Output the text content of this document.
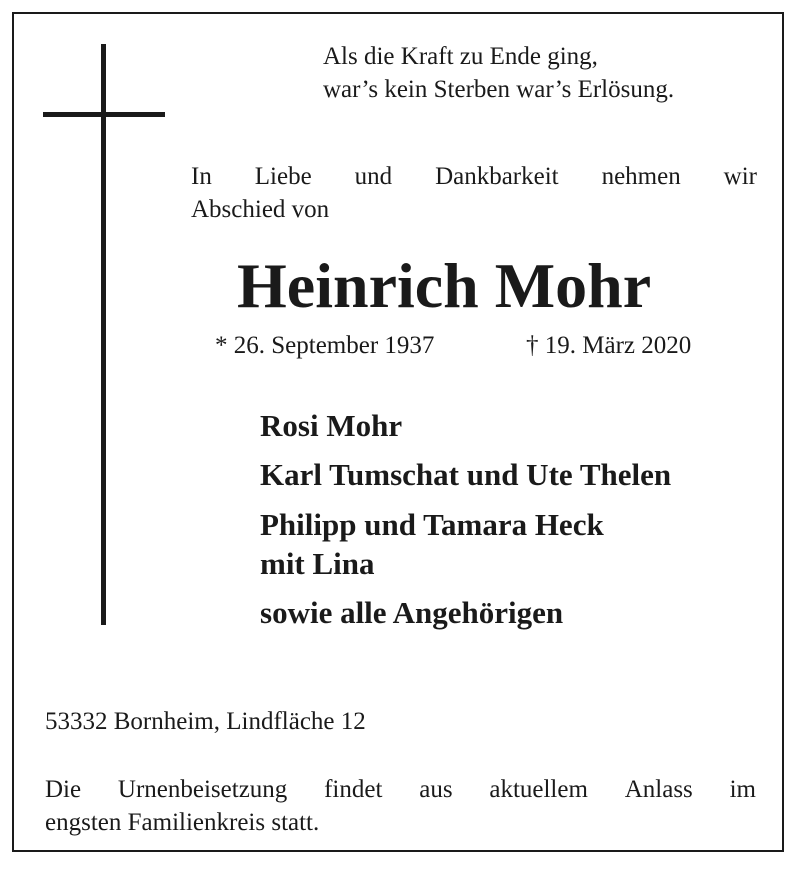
Als die Kraft zu Ende ging,
war’s kein Sterben war’s Erlösung.
In Liebe und Dankbarkeit nehmen wir
Abschied von
Heinrich Mohr
* 26. September 1937	† 19. März 2020
Rosi Mohr
Karl Tumschat und Ute Thelen
Philipp und Tamara Heck
mit Lina
sowie alle Angehörigen
53332 Bornheim, Lindfläche 12
Die Urnenbeisetzung findet aus aktuellem Anlass im
engsten Familienkreis statt.
